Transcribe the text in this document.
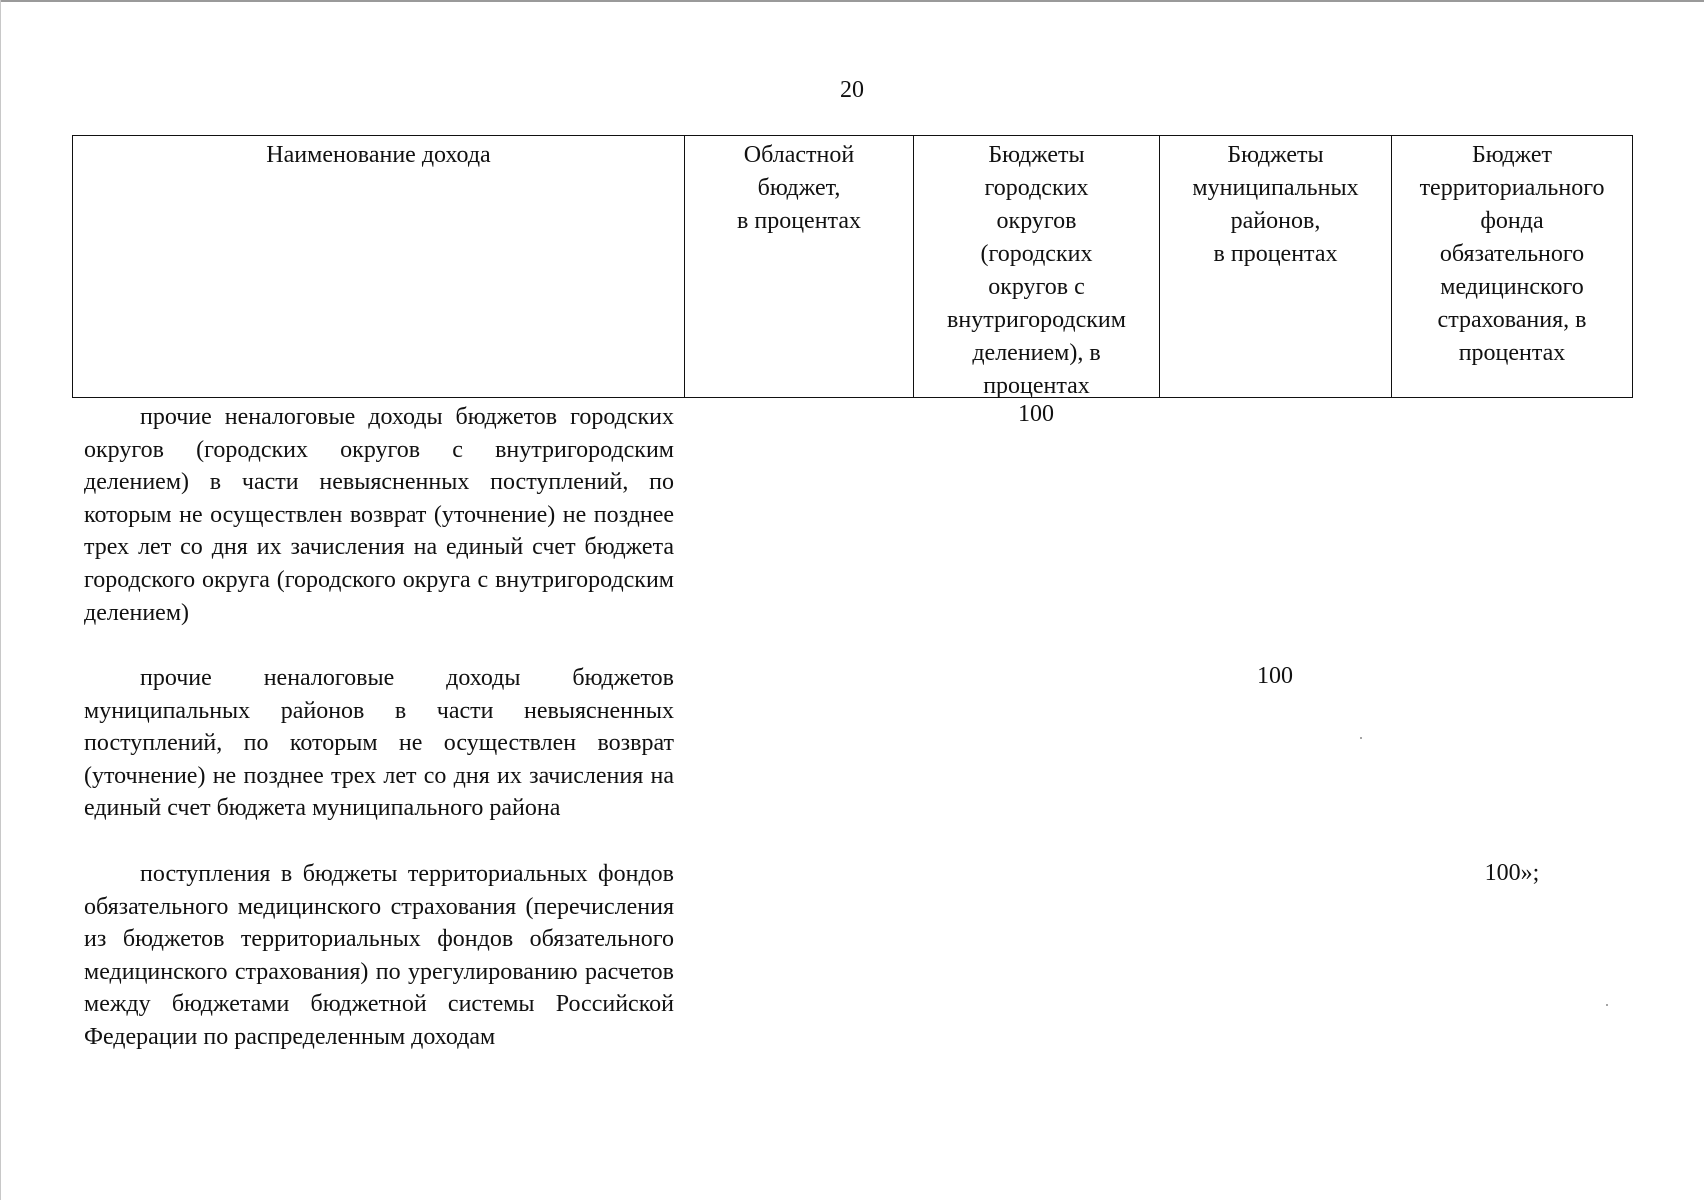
20
Наименование дохода	Областной
бюджет,
в процентах
Бюджеты
городских
округов
(городских
округов с
внутригородским
делением), в
процентах
Бюджеты
муниципальных
районов,
в процентах
Бюджет
территориального
фонда
обязательного
медицинского
страхования, в
процентах
прочие неналоговые доходы бюджетов городских округов (городских округов с внутригородским делением) в части невыясненных поступлений, по которым не осуществлен возврат (уточнение) не позднее трех лет со дня их зачисления на единый счет бюджета городского округа (городского округа с внутригородским делением)
100
прочие неналоговые доходы бюджетов муниципальных районов в части невыясненных поступлений, по которым не осуществлен возврат (уточнение) не позднее трех лет со дня их зачисления на единый счет бюджета муниципального района
100
поступления в бюджеты территориальных фондов обязательного медицинского страхования (перечисления из бюджетов территориальных фондов обязательного медицинского страхования) по урегулированию расчетов между бюджетами бюджетной системы Российской Федерации по распределенным доходам
100»;
